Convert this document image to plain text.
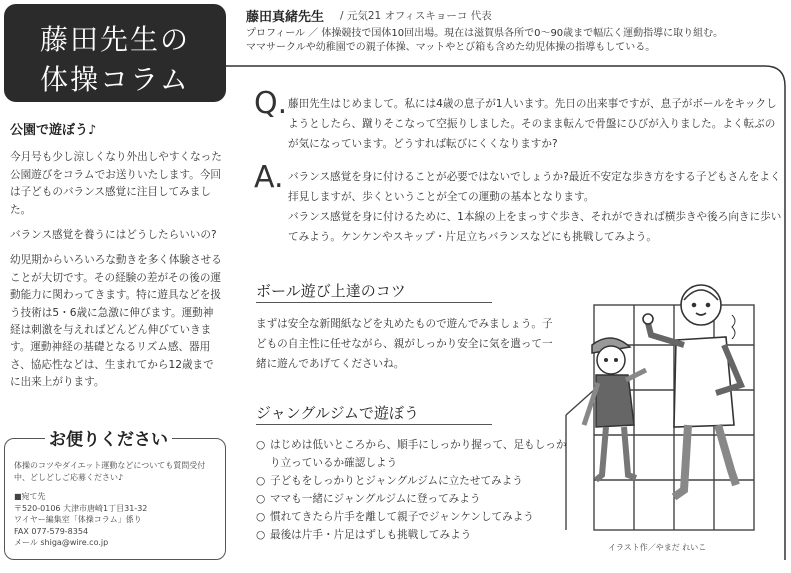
藤田先生の
体操コラム
藤田真緒先生 / 元気21 オフィスキョーコ 代表
プロフィール ／ 体操競技で国体10回出場。現在は滋賀県各所で0〜90歳まで幅広く運動指導に取り組む。
ママサークルや幼稚園での親子体操、マットやとび箱も含めた幼児体操の指導もしている。
公園で遊ぼう♪

今月号も少し涼しくなり外出しやすくなった公園遊びをコラムでお送りいたします。今回は子どものバランス感覚に注目してみました。

バランス感覚を養うにはどうしたらいいの?

幼児期からいろいろな動きを多く体験させることが大切です。その経験の差がその後の運動能力に関わってきます。特に遊具などを扱う技術は5・6歳に急激に伸びます。運動神経は刺激を与えればどんどん伸びていきます。運動神経の基礎となるリズム感、器用さ、協応性などは、生まれてから12歳までに出来上がります。

お便りください
体操のコツやダイエット運動などについても質問受付中、どしどしご応募ください♪
■宛て先
〒520-0106 大津市唐崎1丁目31-32
ワイヤー編集室「体操コラム」係り
FAX 077-579-8354
メール shiga@wire.co.jp
Q. 藤田先生はじめまして。私には4歳の息子が1人います。先日の出来事ですが、息子がボールをキックしようとしたら、蹴りそこなって空振りしました。そのまま転んで骨盤にひびが入りました。よく転ぶのが気になっています。どうすれば転びにくくなりますか?
A. バランス感覚を身に付けることが必要ではないでしょうか?最近不安定な歩き方をする子どもさんをよく拝見しますが、歩くということが全ての運動の基本となります。
バランス感覚を身に付けるために、1本線の上をまっすぐ歩き、それができれば横歩きや後ろ向きに歩いてみよう。ケンケンやスキップ・片足立ちバランスなどにも挑戦してみよう。
ボール遊び上達のコツ
まずは安全な新聞紙などを丸めたもので遊んでみましょう。子どもの自主性に任せながら、親がしっかり安全に気を遣って一緒に遊んであげてくださいね。
ジャングルジムで遊ぼう
○ はじめは低いところから、順手にしっかり握って、足もしっかり立っているか確認しよう
○ 子どもをしっかりとジャングルジムに立たせてみよう
○ ママも一緒にジャングルジムに登ってみよう
○ 慣れてきたら片手を離して親子でジャンケンしてみよう
○ 最後は片手・片足はずしも挑戦してみよう
イラスト作／やまだ れいこ
